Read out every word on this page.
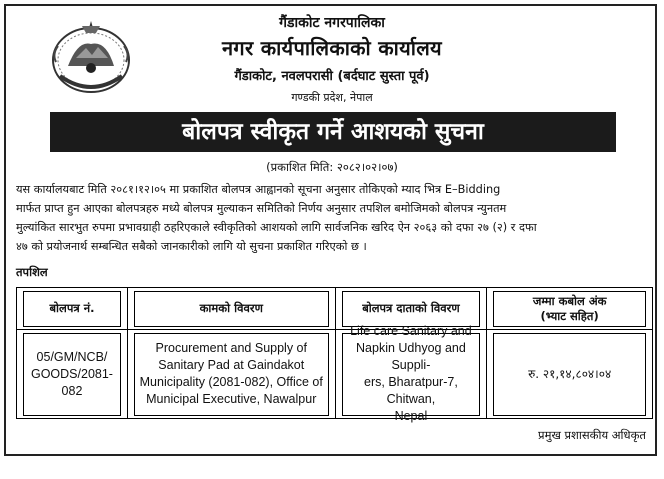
गैंडाकोट नगरपालिका
नगर कार्यपालिकाको कार्यालय
गैंडाकोट, नवलपरासी (बर्दघाट सुस्ता पूर्व)
गण्डकी प्रदेश, नेपाल
बोलपत्र स्वीकृत गर्ने आशयको सुचना
(प्रकाशित मिति: २०८२।०२।०७)
यस कार्यालयबाट मिति २०८१।१२।०५ मा प्रकाशित बोलपत्र आह्वानको सूचना अनुसार तोकिएको म्याद भित्र E–Bidding
मार्फत प्राप्त हुन आएका बोलपत्रहरु मध्ये बोलपत्र मुल्याकन समितिको निर्णय अनुसार तपशिल बमोजिमको बोलपत्र न्युनतम
मुल्यांकित सारभुत रुपमा प्रभावग्राही ठहरिएकाले स्वीकृतिको आशयको लागि सार्वजनिक खरिद ऐन २०६३ को दफा २७ (२) र दफा
४७ को प्रयोजनार्थ सम्बन्धित सबैको जानकारीको लागि यो सुचना प्रकाशित गरिएको छ ।
तपशिल
बोलपत्र नं.	कामको विवरण	बोलपत्र दाताको विवरण	जम्मा कबोल अंक
(भ्याट सहित)

05/GM/NCB/
GOODS/2081-082	Procurement and Supply of
Sanitary Pad at Gaindakot
Municipality (2081-082), Office of
Municipal Executive, Nawalpur	Life care Sanitary and
Napkin Udhyog and Suppli-
ers, Bharatpur-7, Chitwan,
Nepal	रु. २१,१४,८०४।०४
प्रमुख प्रशासकीय अधिकृत
